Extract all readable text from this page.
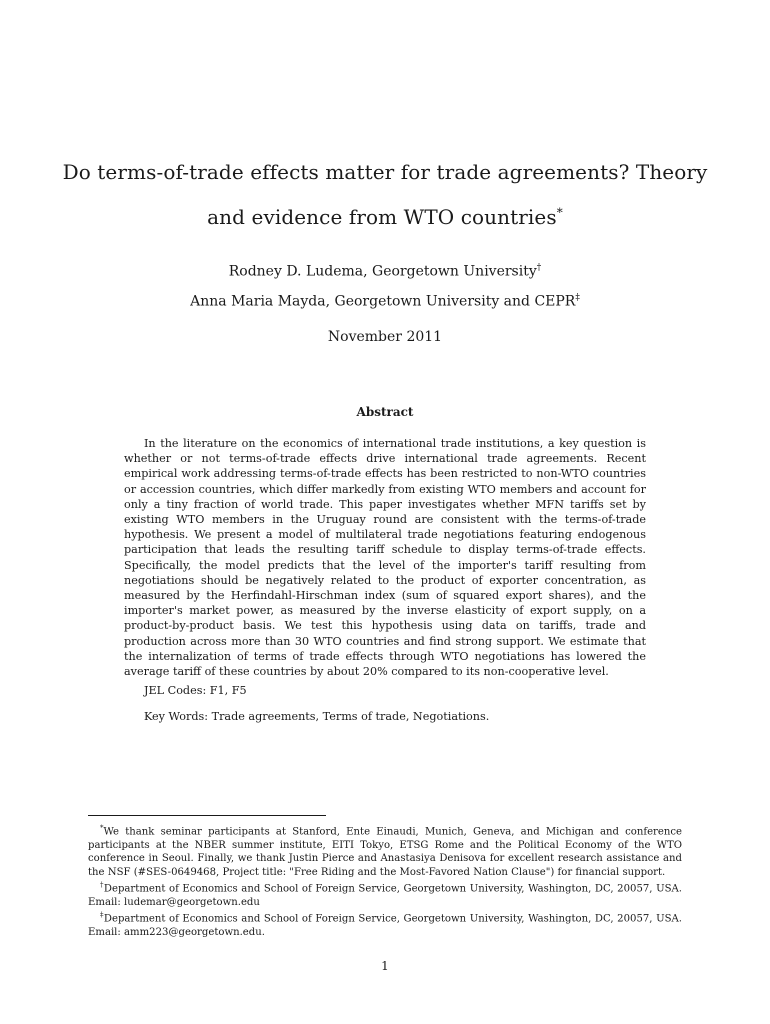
Do terms-of-trade effects matter for trade agreements? Theory
and evidence from WTO countries*
Rodney D. Ludema, Georgetown University†
Anna Maria Mayda, Georgetown University and CEPR‡
November 2011
Abstract

In the literature on the economics of international trade institutions, a key question is whether or not terms-of-trade effects drive international trade agreements. Recent empirical work addressing terms-of-trade effects has been restricted to non-WTO countries or accession countries, which differ markedly from existing WTO members and account for only a tiny fraction of world trade. This paper investigates whether MFN tariffs set by existing WTO members in the Uruguay round are consistent with the terms-of-trade hypothesis. We present a model of multilateral trade negotiations featuring endogenous participation that leads the resulting tariff schedule to display terms-of-trade effects. Specifically, the model predicts that the level of the importer's tariff resulting from negotiations should be negatively related to the product of exporter concentration, as measured by the Herfindahl-Hirschman index (sum of squared export shares), and the importer's market power, as measured by the inverse elasticity of export supply, on a product-by-product basis. We test this hypothesis using data on tariffs, trade and production across more than 30 WTO countries and find strong support. We estimate that the internalization of terms of trade effects through WTO negotiations has lowered the average tariff of these countries by about 20% compared to its non-cooperative level.

JEL Codes: F1, F5
Key Words: Trade agreements, Terms of trade, Negotiations.

*We thank seminar participants at Stanford, Ente Einaudi, Munich, Geneva, and Michigan and conference participants at the NBER summer institute, EITI Tokyo, ETSG Rome and the Political Economy of the WTO conference in Seoul. Finally, we thank Justin Pierce and Anastasiya Denisova for excellent research assistance and the NSF (#SES-0649468, Project title: "Free Riding and the Most-Favored Nation Clause") for financial support.

†Department of Economics and School of Foreign Service, Georgetown University, Washington, DC, 20057, USA. Email: ludemar@georgetown.edu

‡Department of Economics and School of Foreign Service, Georgetown University, Washington, DC, 20057, USA. Email: amm223@georgetown.edu.

1
